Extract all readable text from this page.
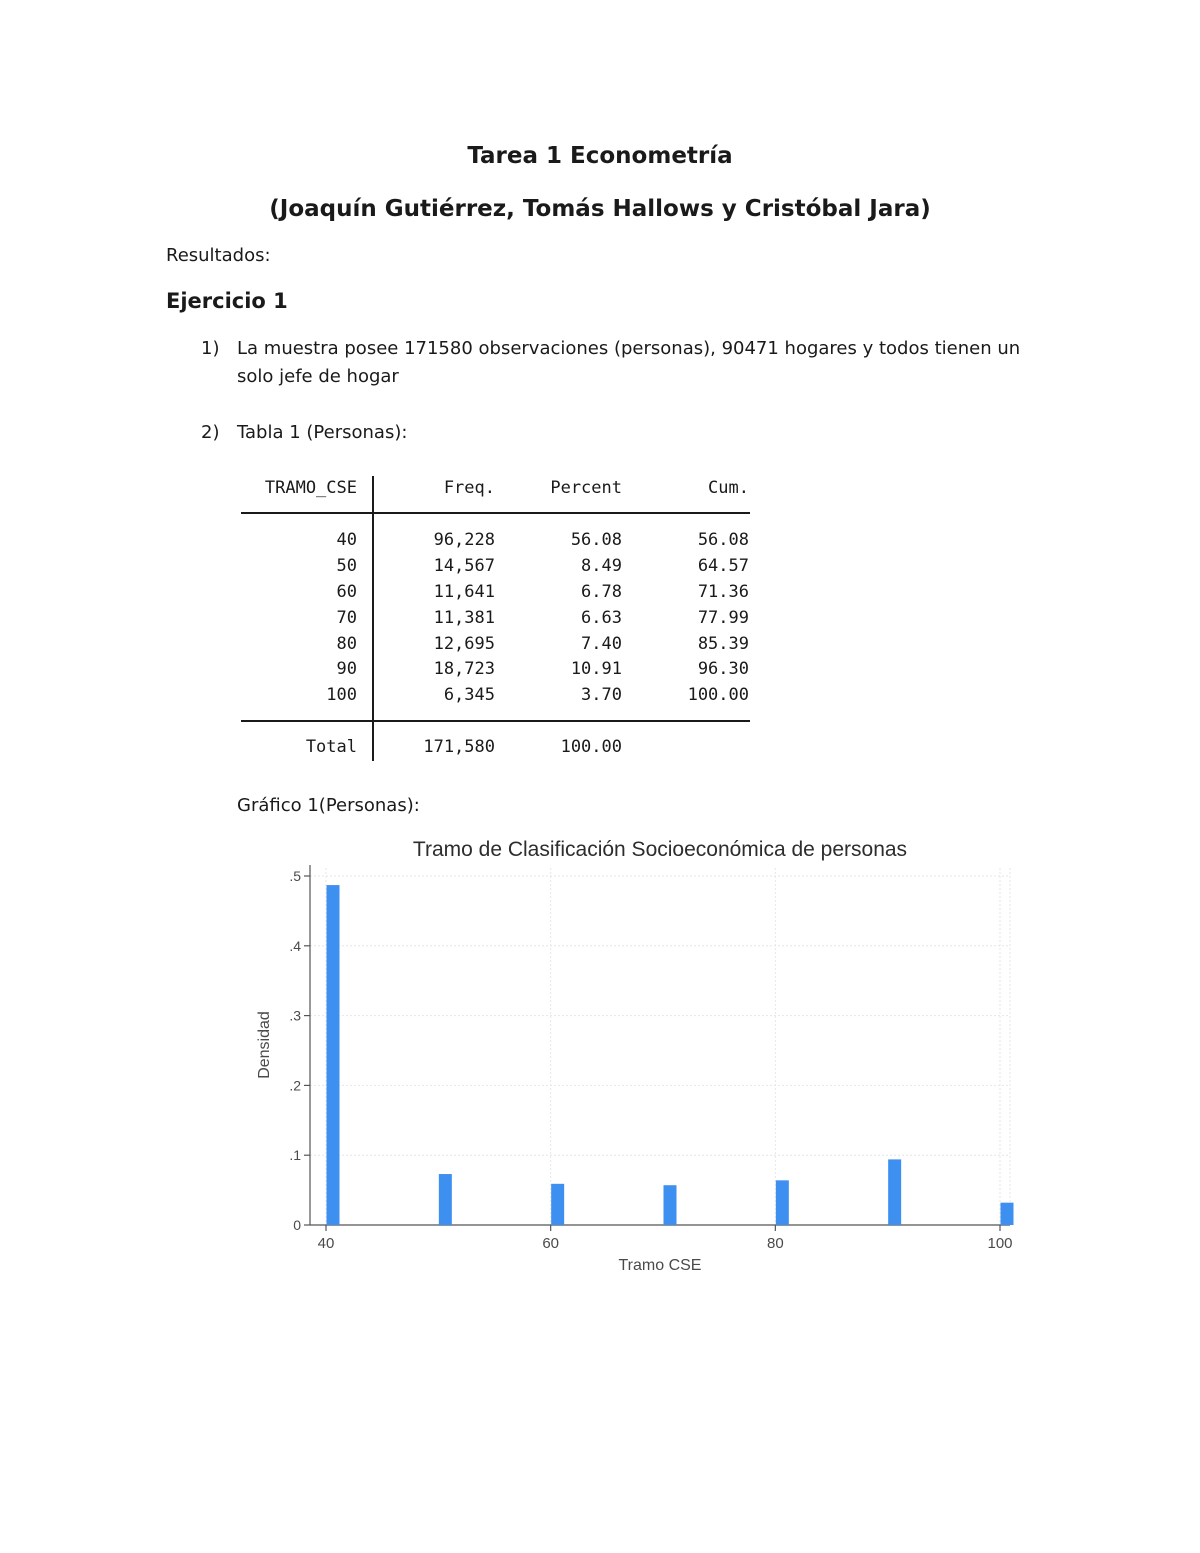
Tarea 1 Econometría
(Joaquín Gutiérrez, Tomás Hallows y Cristóbal Jara)
Resultados:
Ejercicio 1
1) La muestra posee 171580 observaciones (personas), 90471 hogares y todos tienen un
solo jefe de hogar
2) Tabla 1 (Personas):
TRAMO_CSE	Freq.	Percent	Cum.
40	96,228	56.08	56.08
50	14,567	8.49	64.57
60	11,641	6.78	71.36
70	11,381	6.63	77.99
80	12,695	7.40	85.39
90	18,723	10.91	96.30
100	6,345	3.70	100.00
Total	171,580	100.00
Gráfico 1(Personas):
Tramo de Clasificación Socioeconómica de personas
0
.1
.2
.3
.4
.5
40	60	80	100
Tramo CSE
Densidad
